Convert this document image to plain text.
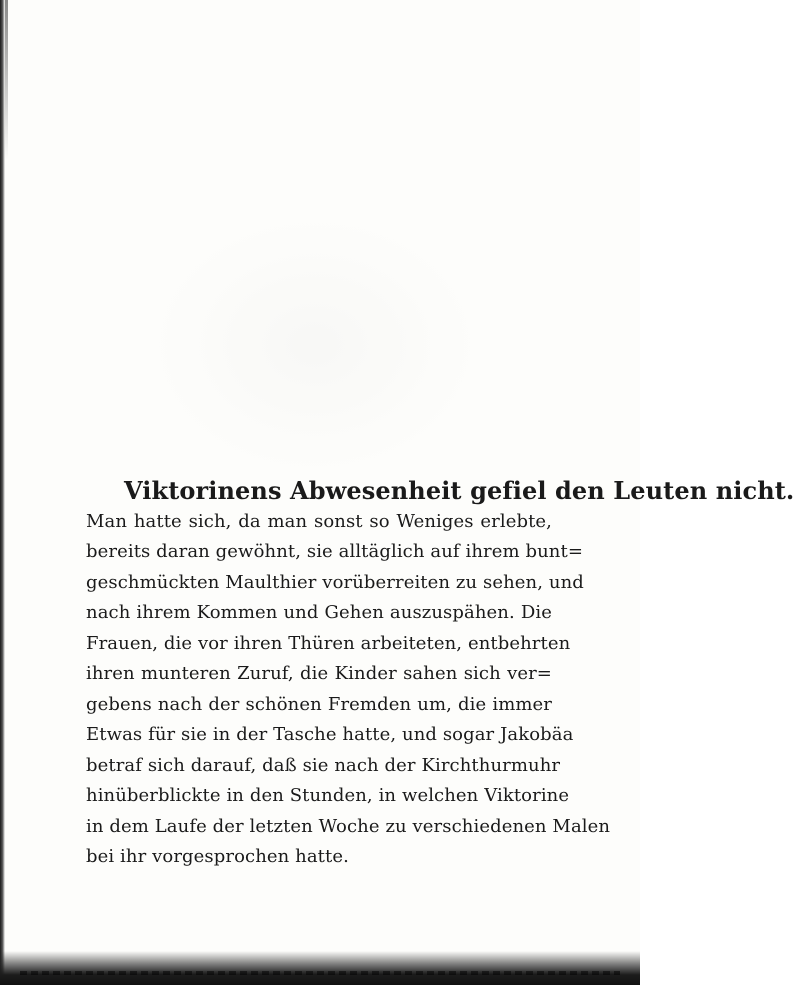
Viktorinens Abwesenheit gefiel den Leuten nicht.
Man hatte sich, da man sonst so Weniges erlebte,
bereits daran gewöhnt, sie alltäglich auf ihrem bunt=
geschmückten Maulthier vorüberreiten zu sehen, und
nach ihrem Kommen und Gehen auszuspähen. Die
Frauen, die vor ihren Thüren arbeiteten, entbehrten
ihren munteren Zuruf, die Kinder sahen sich ver=
gebens nach der schönen Fremden um, die immer
Etwas für sie in der Tasche hatte, und sogar Jakobäa
betraf sich darauf, daß sie nach der Kirchthurmuhr
hinüberblickte in den Stunden, in welchen Viktorine
in dem Laufe der letzten Woche zu verschiedenen Malen
bei ihr vorgesprochen hatte.
